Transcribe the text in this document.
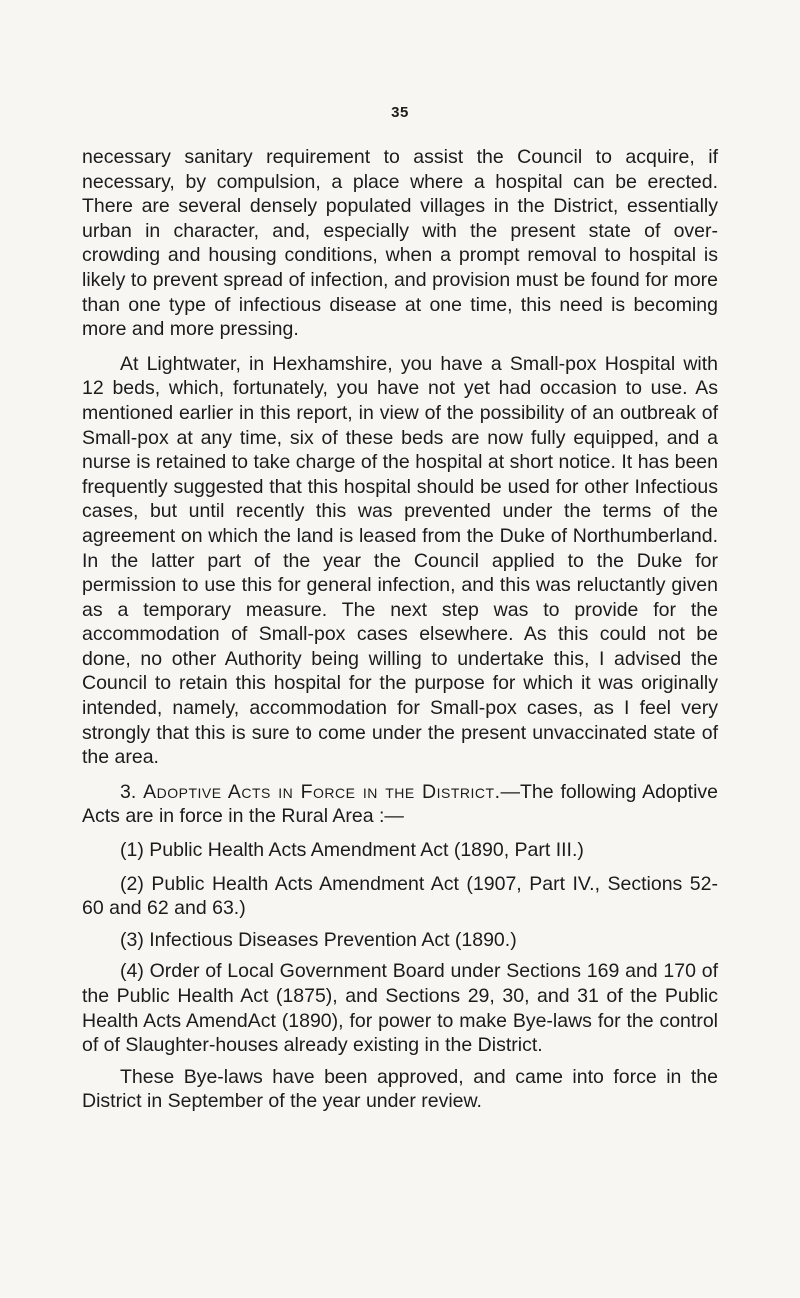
35

necessary sanitary requirement to assist the Council to acquire, if necessary, by compulsion, a place where a hospital can be erected. There are several densely populated villages in the District, essentially urban in character, and, especially with the present state of over-crowding and housing conditions, when a prompt removal to hospital is likely to prevent spread of infection, and provision must be found for more than one type of infectious disease at one time, this need is becoming more and more pressing.

At Lightwater, in Hexhamshire, you have a Small-pox Hospital with 12 beds, which, fortunately, you have not yet had occasion to use. As mentioned earlier in this report, in view of the possibility of an outbreak of Small-pox at any time, six of these beds are now fully equipped, and a nurse is retained to take charge of the hospital at short notice. It has been frequently suggested that this hospital should be used for other Infectious cases, but until recently this was prevented under the terms of the agreement on which the land is leased from the Duke of Northumberland. In the latter part of the year the Council applied to the Duke for permission to use this for general infection, and this was reluctantly given as a temporary measure. The next step was to provide for the accommodation of Small-pox cases elsewhere. As this could not be done, no other Authority being willing to undertake this, I advised the Council to retain this hospital for the purpose for which it was originally intended, namely, accommodation for Small-pox cases, as I feel very strongly that this is sure to come under the present unvaccinated state of the area.

3. Adoptive Acts in Force in the District.—The following Adoptive Acts are in force in the Rural Area :—

(1) Public Health Acts Amendment Act (1890, Part III.)

(2) Public Health Acts Amendment Act (1907, Part IV., Sections 52-60 and 62 and 63.)

(3) Infectious Diseases Prevention Act (1890.)

(4) Order of Local Government Board under Sections 169 and 170 of the Public Health Act (1875), and Sections 29, 30, and 31 of the Public Health Acts AmendAct (1890), for power to make Bye-laws for the control of of Slaughter-houses already existing in the District.

These Bye-laws have been approved, and came into force in the District in September of the year under review.
